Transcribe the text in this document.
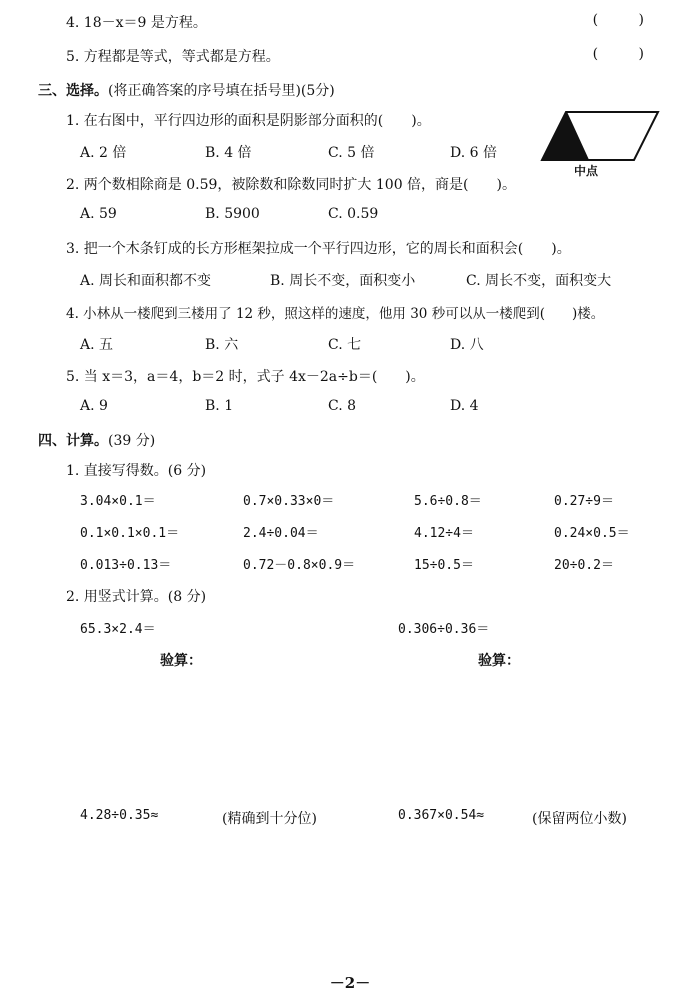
4. 18－x＝9 是方程。	( )
5. 方程都是等式，等式都是方程。	( )
三、选择。(将正确答案的序号填在括号里)(5分)
1. 在右图中，平行四边形的面积是阴影部分面积的(　　)。
A. 2 倍	B. 4 倍	C. 5 倍	D. 6 倍
中点
2. 两个数相除商是 0.59，被除数和除数同时扩大 100 倍，商是(　　)。
A. 59	B. 5900	C. 0.59
3. 把一个木条钉成的长方形框架拉成一个平行四边形，它的周长和面积会(　　)。
A. 周长和面积都不变	B. 周长不变，面积变小	C. 周长不变，面积变大
4. 小林从一楼爬到三楼用了 12 秒，照这样的速度，他用 30 秒可以从一楼爬到(　　)楼。
A. 五	B. 六	C. 七	D. 八
5. 当 x＝3，a＝4，b＝2 时，式子 4x－2a÷b＝(　　)。
A. 9	B. 1	C. 8	D. 4
四、计算。(39 分)
1. 直接写得数。(6 分)
3.04×0.1＝	0.7×0.33×0＝	5.6÷0.8＝	0.27÷9＝
0.1×0.1×0.1＝	2.4÷0.04＝	4.12÷4＝	0.24×0.5＝
0.013÷0.13＝	0.72－0.8×0.9＝	15÷0.5＝	20÷0.2＝
2. 用竖式计算。(8 分)
65.3×2.4＝	0.306÷0.36＝
验算：	验算：
4.28÷0.35≈	(精确到十分位)	0.367×0.54≈	(保留两位小数)
－2－
